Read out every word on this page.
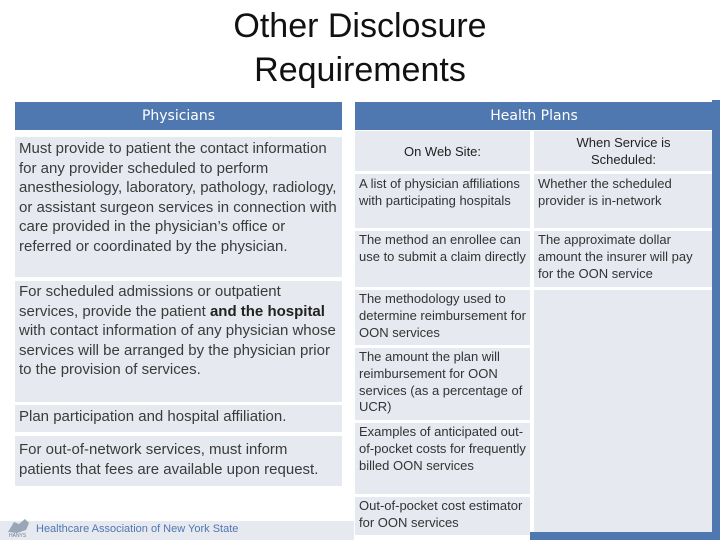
Other Disclosure
Requirements
Physicians	Health Plans
Must provide to patient the contact information for any provider scheduled to perform anesthesiology, laboratory, pathology, radiology, or assistant surgeon services in connection with care provided in the physician’s office or referred or coordinated by the physician.
For scheduled admissions or outpatient services, provide the patient and the hospital with contact information of any physician whose services will be arranged by the physician prior to the provision of services.
Plan participation and hospital affiliation.
For out-of-network services, must inform patients that fees are available upon request.
On Web Site:
When Service is Scheduled:
A list of physician affiliations with participating hospitals
The method an enrollee can use to submit a claim directly
The methodology used to determine reimbursement for OON services
The amount the plan will reimbursement for OON services (as a percentage of UCR)
Examples of anticipated out-of-pocket costs for frequently billed OON services
Out-of-pocket cost estimator for OON services
Whether the scheduled provider is in-network
The approximate dollar amount the insurer will pay for the OON service
HANYS
Healthcare Association of New York State
